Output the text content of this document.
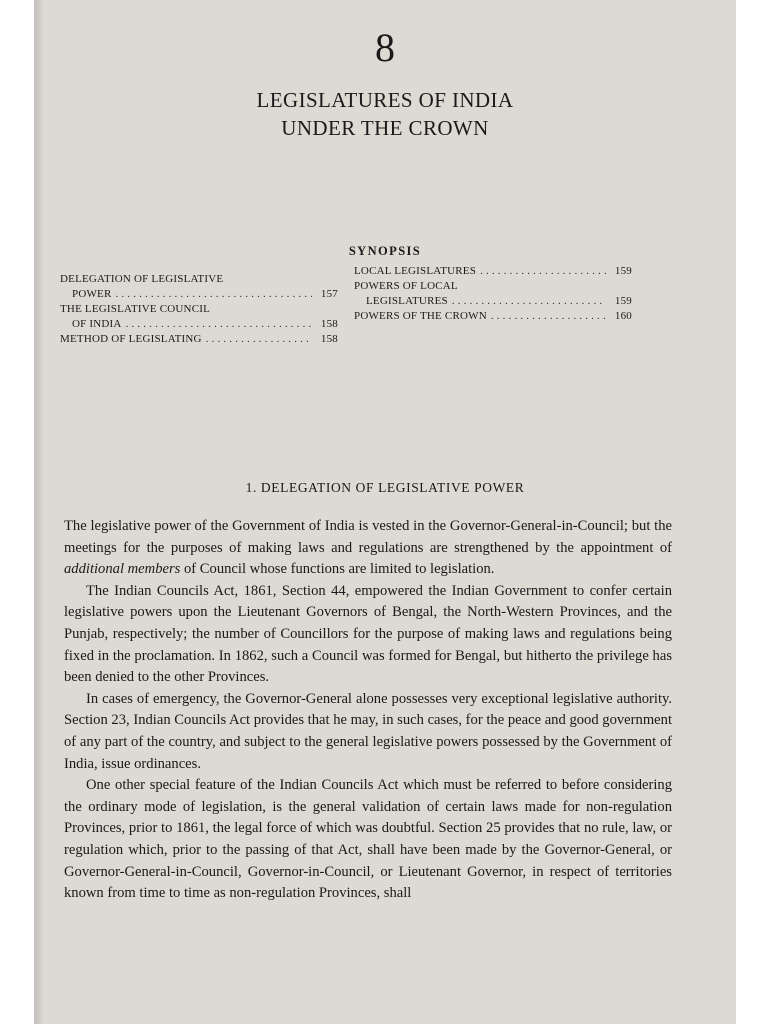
8
LEGISLATURES OF INDIA
UNDER THE CROWN
SYNOPSIS
DELEGATION OF LEGISLATIVE
POWER . . .	157
THE LEGISLATIVE COUNCIL
OF INDIA . . .	158
METHOD OF LEGISLATING . . .	158
LOCAL LEGISLATURES . . .	159
POWERS OF LOCAL
LEGISLATURES . . .	159
POWERS OF THE CROWN . . .	160
1. DELEGATION OF LEGISLATIVE POWER

The legislative power of the Government of India is vested in the Governor-General-in-Council; but the meetings for the purposes of making laws and regulations are strengthened by the appointment of additional members of Council whose functions are limited to legislation.

The Indian Councils Act, 1861, Section 44, empowered the Indian Government to confer certain legislative powers upon the Lieutenant Governors of Bengal, the North-Western Provinces, and the Punjab, respectively; the number of Councillors for the purpose of making laws and regulations being fixed in the proclamation. In 1862, such a Council was formed for Bengal, but hitherto the privilege has been denied to the other Provinces.

In cases of emergency, the Governor-General alone possesses very exceptional legislative authority. Section 23, Indian Councils Act provides that he may, in such cases, for the peace and good government of any part of the country, and subject to the general legislative powers possessed by the Government of India, issue ordinances.

One other special feature of the Indian Councils Act which must be referred to before considering the ordinary mode of legislation, is the general validation of certain laws made for non-regulation Provinces, prior to 1861, the legal force of which was doubtful. Section 25 provides that no rule, law, or regulation which, prior to the passing of that Act, shall have been made by the Governor-General, or Governor-General-in-Council, Governor-in-Council, or Lieutenant Governor, in respect of territories known from time to time as non-regulation Provinces, shall
